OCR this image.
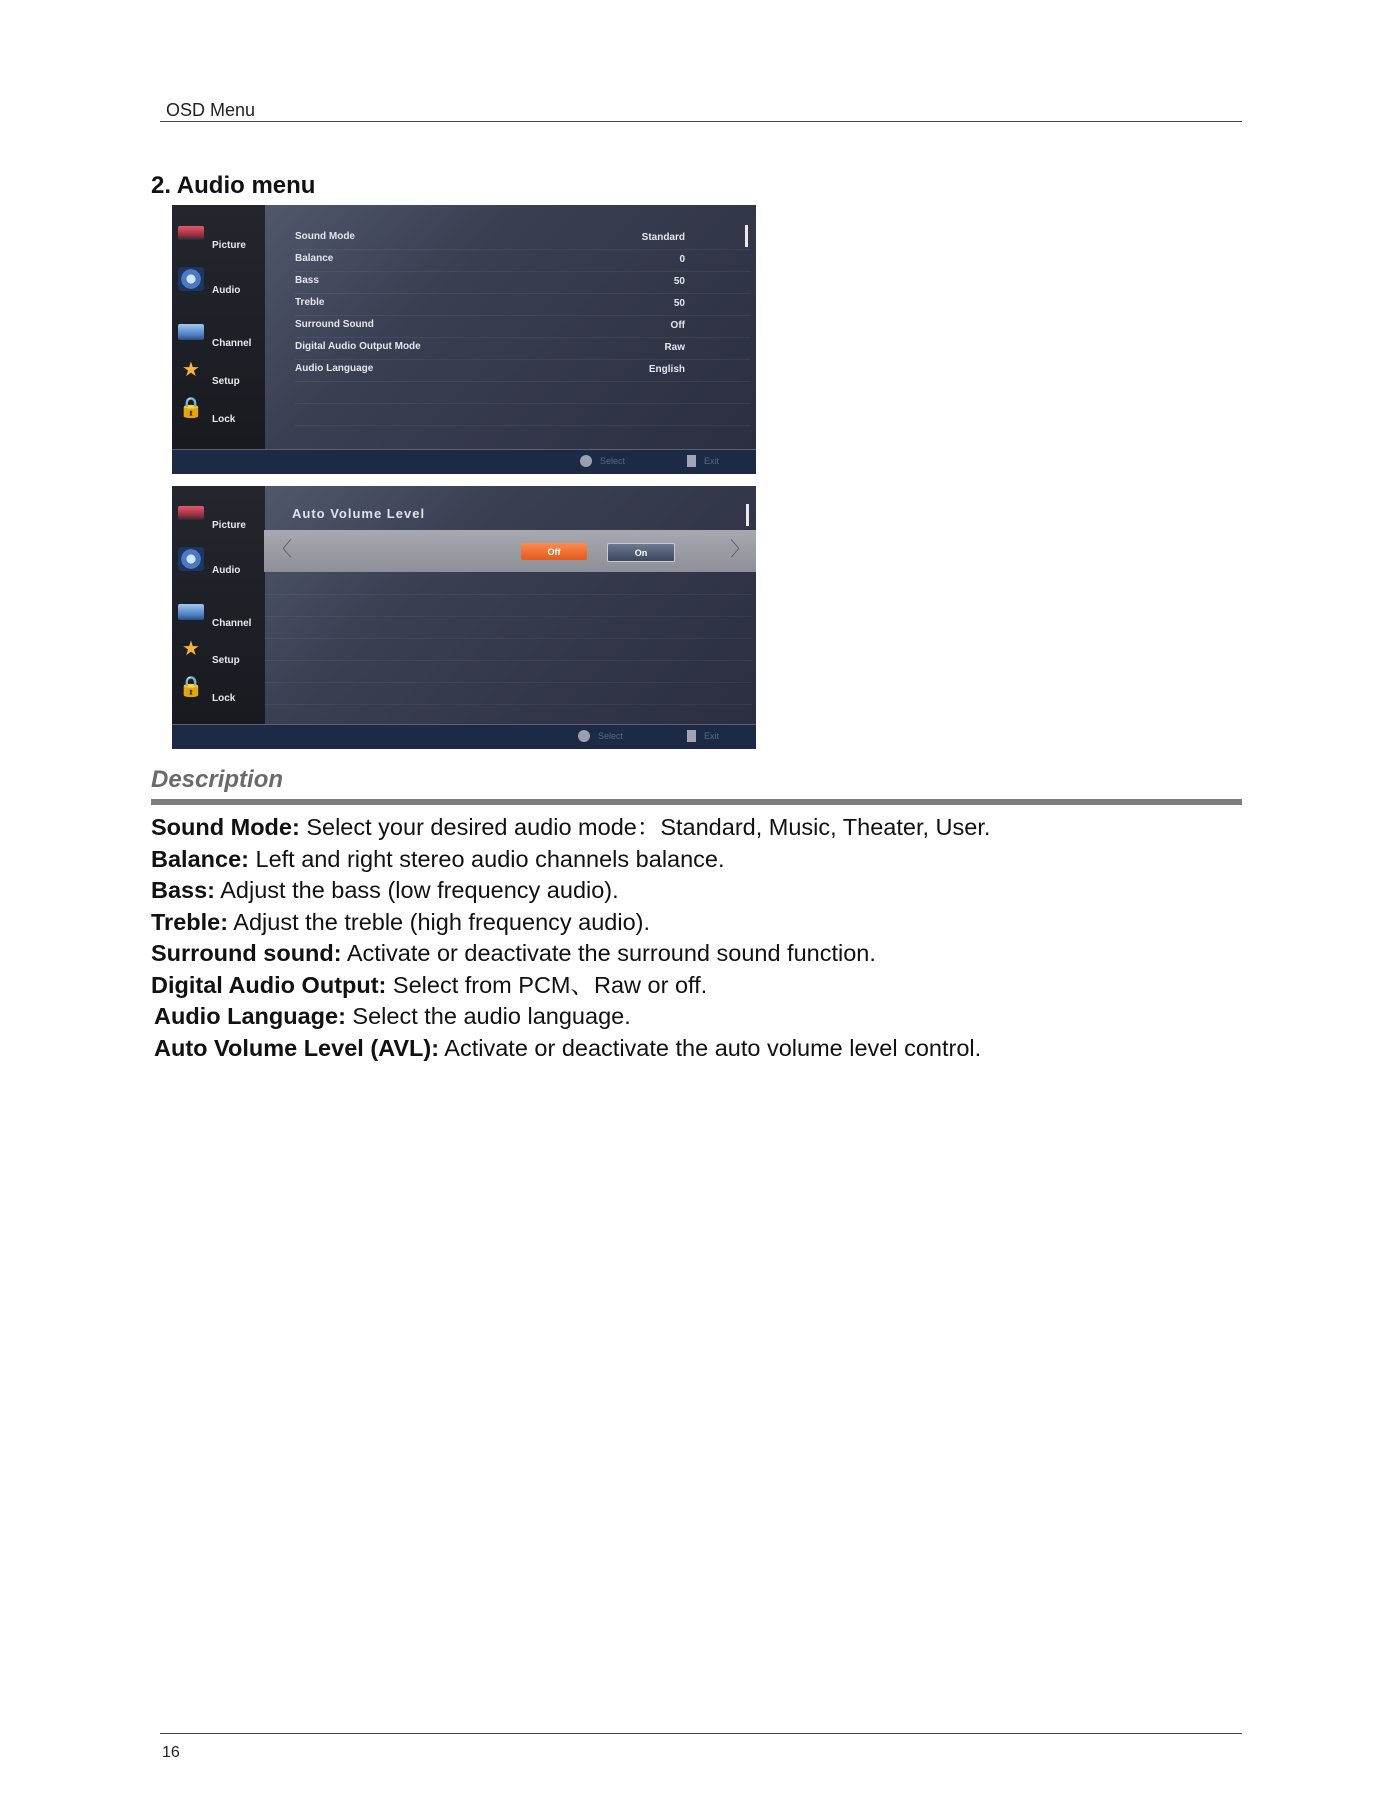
OSD Menu
2. Audio menu
Picture
Audio
Channel
★
Setup
🔒
Lock
Sound Mode	Standard
Balance	0
Bass	50
Treble	50
Surround Sound	Off
Digital Audio Output Mode	Raw
Audio Language	English
Select	Exit
Picture
Audio
Channel
★
Setup
🔒
Lock
Auto Volume Level
〈	Off	On	〉
Select	Exit
Description
Sound Mode: Select your desired audio mode：Standard, Music, Theater, User.
Balance: Left and right stereo audio channels balance.
Bass: Adjust the bass (low frequency audio).
Treble: Adjust the treble (high frequency audio).
Surround sound: Activate or deactivate the surround sound function.
Digital Audio Output: Select from PCM、Raw or off.
Audio Language: Select the audio language.
Auto Volume Level (AVL): Activate or deactivate the auto volume level control.
16
